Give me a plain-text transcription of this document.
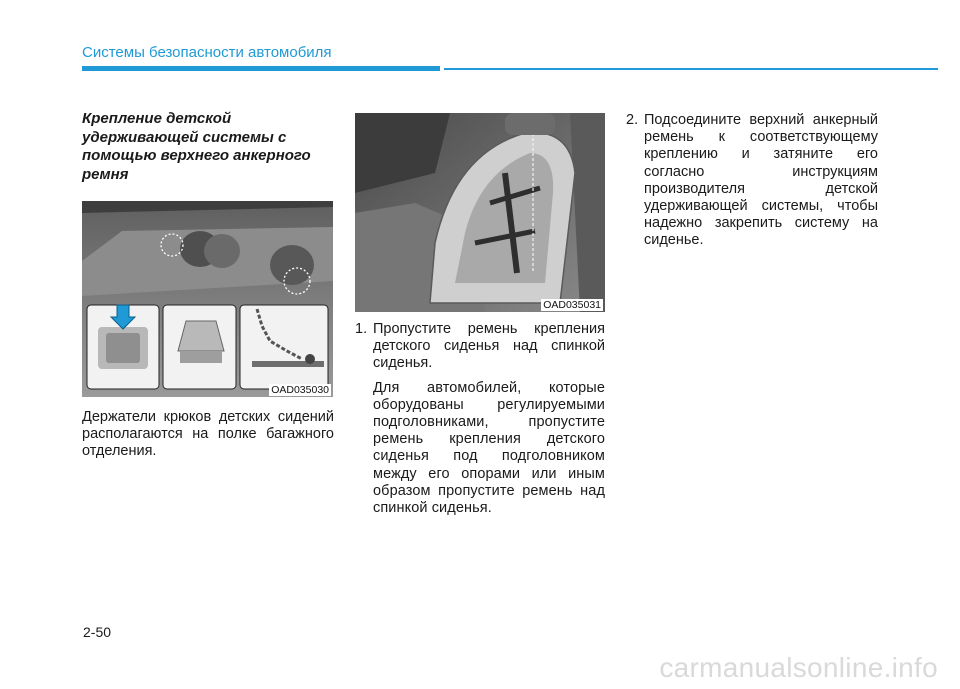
Системы безопасности автомобиля
Крепление детской удерживающей системы с помощью верхнего анкерного ремня
OAD035030

Держатели крюков детских сидений располагаются на полке багажного отделения.

OAD035031
1. Пропустите ремень крепления детского сиденья над спинкой сиденья.

Для автомобилей, которые оборудованы регулируемыми подголовниками, пропустите ремень крепления детского сиденья под подголовником между его опорами или иным образом пропустите ремень над спинкой сиденья.

2. Подсоедините верхний анкерный ремень к соответствующему креплению и затяните его согласно инструкциям производителя детской удерживающей системы, чтобы надежно закрепить систему на сиденье.
2-50
carmanualsonline.info
